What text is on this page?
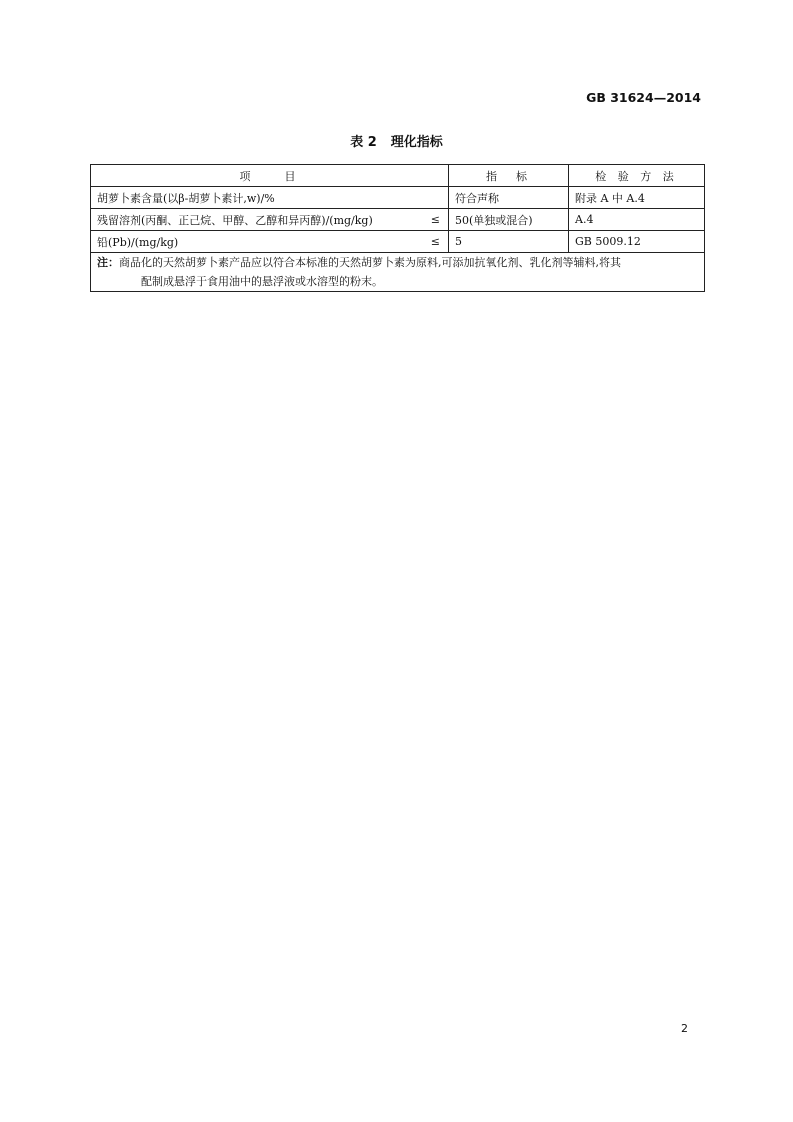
GB 31624—2014
表 2 理化指标
项　　目	指　标	检 验 方 法
胡萝卜素含量(以β-胡萝卜素计,w)/%	符合声称	附录 A 中 A.4
残留溶剂(丙酮、正己烷、甲醇、乙醇和异丙醇)/(mg/kg) ≤	50(单独或混合)	A.4
铅(Pb)/(mg/kg) ≤	5	GB 5009.12
注：商品化的天然胡萝卜素产品应以符合本标准的天然胡萝卜素为原料,可添加抗氧化剂、乳化剂等辅料,将其
配制成悬浮于食用油中的悬浮液或水溶型的粉末。		
2
